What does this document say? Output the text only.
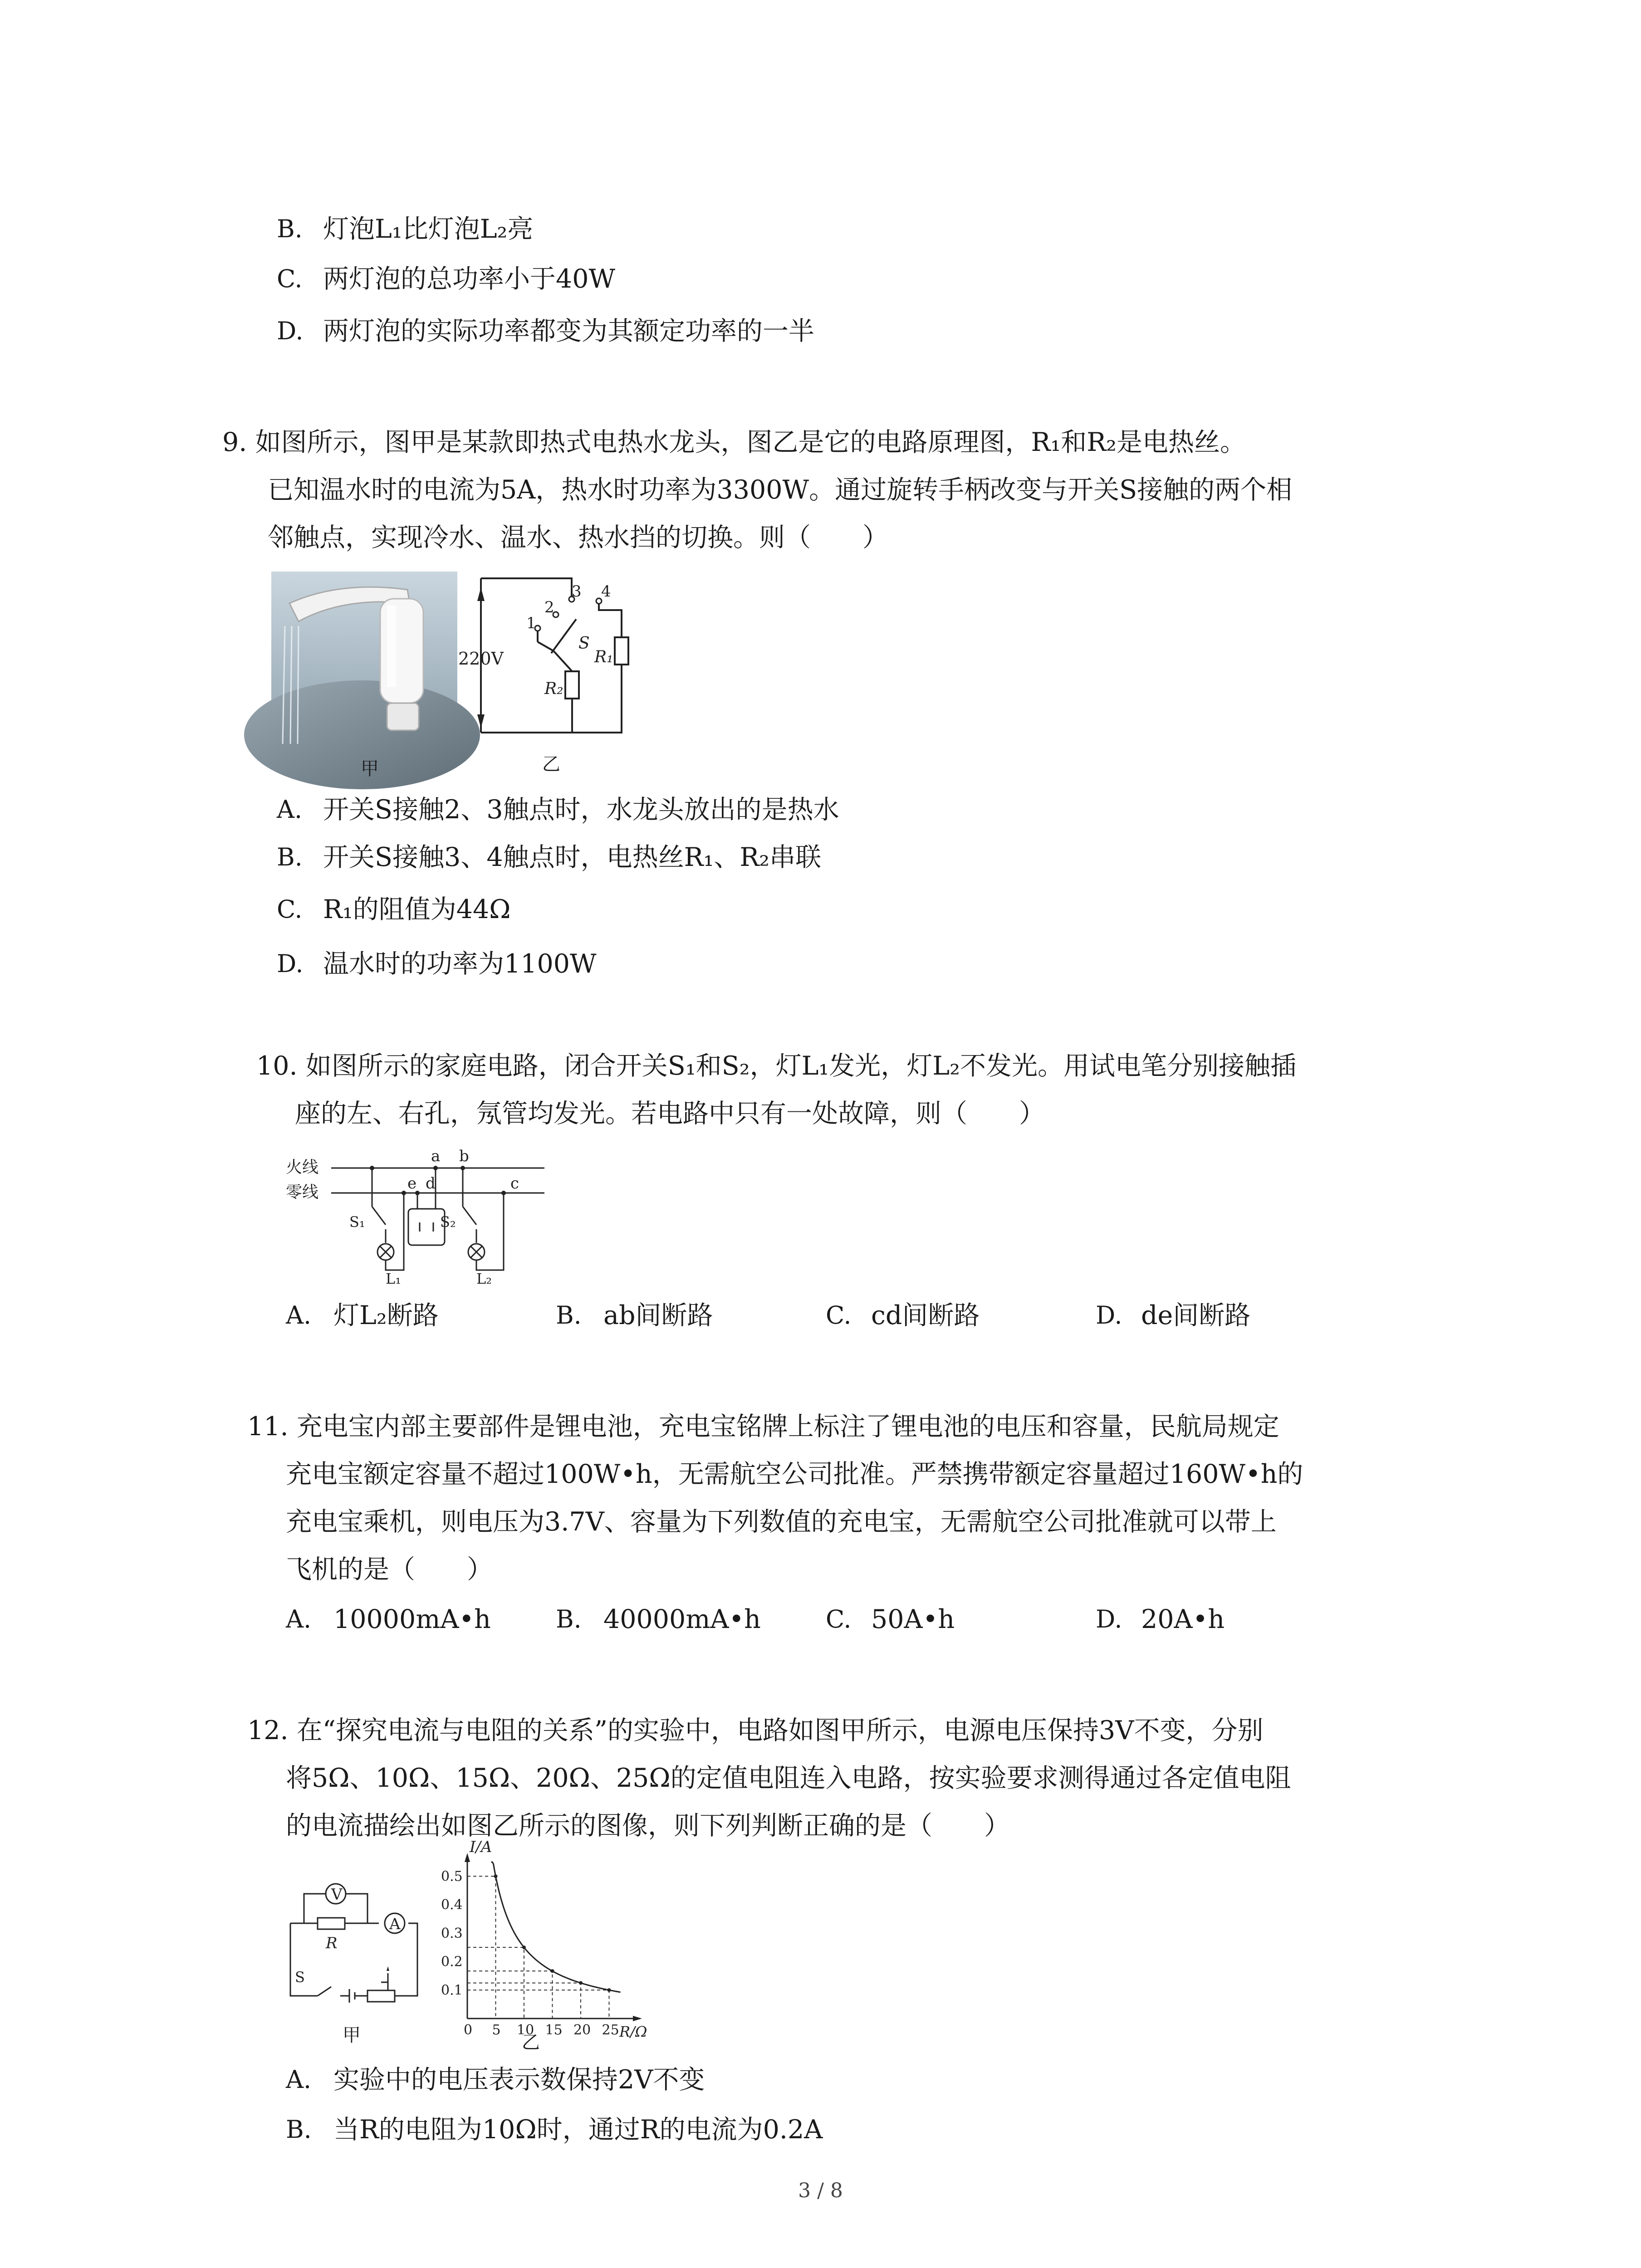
B. 灯泡L₁比灯泡L₂亮
C. 两灯泡的总功率小于40W
D. 两灯泡的实际功率都变为其额定功率的一半
9. 如图所示，图甲是某款即热式电热水龙头，图乙是它的电路原理图，R₁和R₂是电热丝。
已知温水时的电流为5A，热水时功率为3300W。通过旋转手柄改变与开关S接触的两个相
邻触点，实现冷水、温水、热水挡的切换。则（　　）
甲
220V
1
2
3 4
S
R₁
R₂
乙
A. 开关S接触2、3触点时，水龙头放出的是热水
B. 开关S接触3、4触点时，电热丝R₁、R₂串联
C. R₁的阻值为44Ω
D. 温水时的功率为1100W
10. 如图所示的家庭电路，闭合开关S₁和S₂，灯L₁发光，灯L₂不发光。用试电笔分别接触插
座的左、右孔，氖管均发光。若电路中只有一处故障，则（　　）
火线
零线
a b
c
d
e
S₁	S₂
L₁	L₂
A. 灯L₂断路	B. ab间断路	C. cd间断路	D. de间断路
11. 充电宝内部主要部件是锂电池，充电宝铭牌上标注了锂电池的电压和容量，民航局规定
充电宝额定容量不超过100W•h，无需航空公司批准。严禁携带额定容量超过160W•h的
充电宝乘机，则电压为3.7V、容量为下列数值的充电宝，无需航空公司批准就可以带上
飞机的是（　　）
A. 10000mA•h	B. 40000mA•h	C. 50A•h	D. 20A•h
12. 在“探究电流与电阻的关系”的实验中，电路如图甲所示，电源电压保持3V不变，分别
将5Ω、10Ω、15Ω、20Ω、25Ω的定值电阻连入电路，按实验要求测得通过各定值电阻
的电流描绘出如图乙所示的图像，则下列判断正确的是（　　）
V
A
R
S
甲	0 5 10 15 20 25
0.1
0.2
0.3
0.4
0.5
I/A
R/Ω
乙
A. 实验中的电压表示数保持2V不变
B. 当R的电阻为10Ω时，通过R的电流为0.2A
3 / 8
